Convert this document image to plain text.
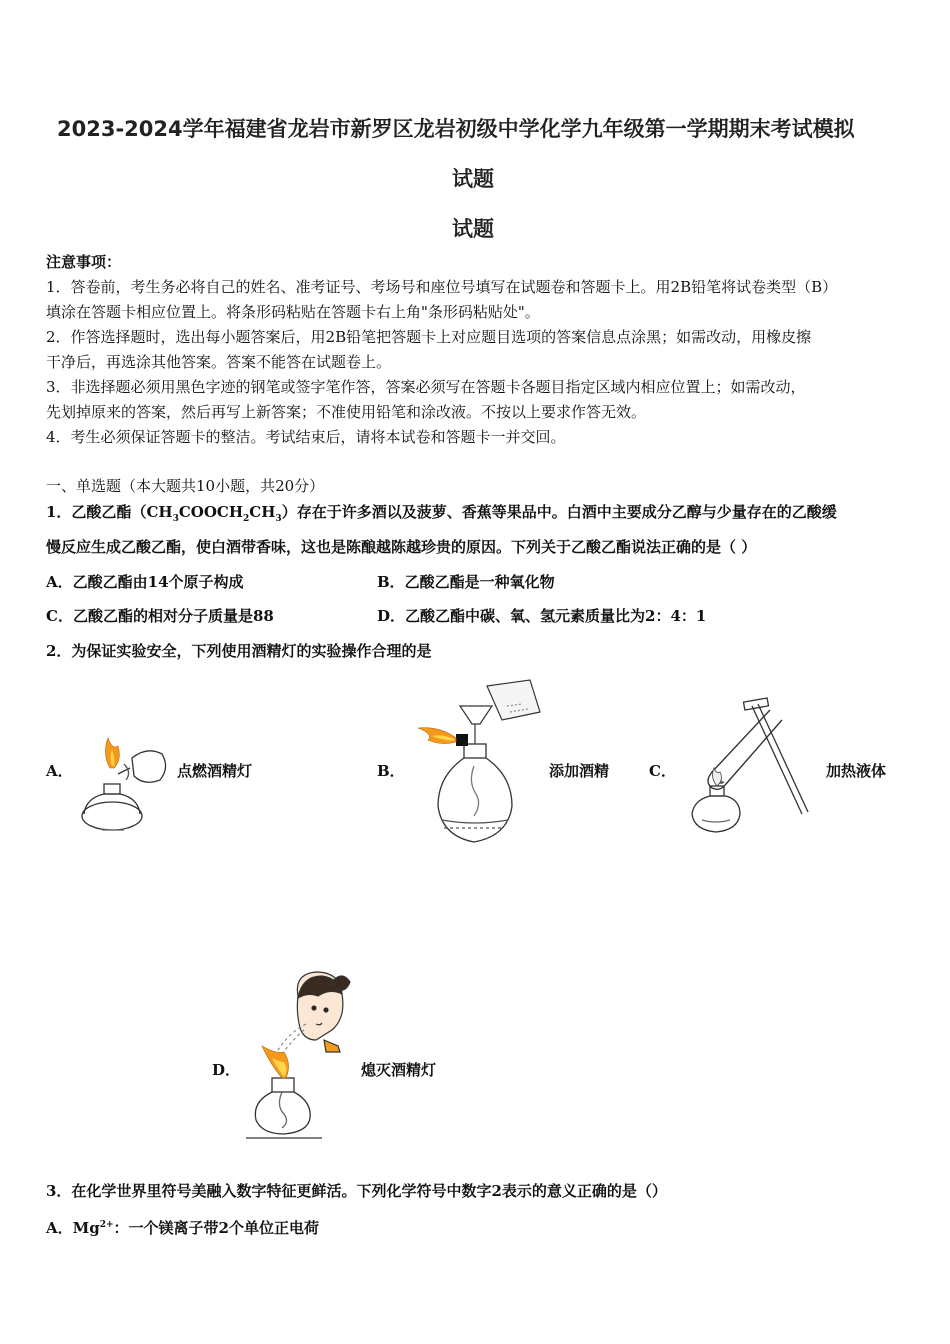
2023-2024学年福建省龙岩市新罗区龙岩初级中学化学九年级第一学期期末考试模拟
试题
试题
注意事项：
1．答卷前，考生务必将自己的姓名、准考证号、考场号和座位号填写在试题卷和答题卡上。用2B铅笔将试卷类型（B）
填涂在答题卡相应位置上。将条形码粘贴在答题卡右上角"条形码粘贴处"。
2．作答选择题时，选出每小题答案后，用2B铅笔把答题卡上对应题目选项的答案信息点涂黑；如需改动，用橡皮擦
干净后，再选涂其他答案。答案不能答在试题卷上。
3．非选择题必须用黑色字迹的钢笔或签字笔作答，答案必须写在答题卡各题目指定区域内相应位置上；如需改动，
先划掉原来的答案，然后再写上新答案；不准使用铅笔和涂改液。不按以上要求作答无效。
4．考生必须保证答题卡的整洁。考试结束后，请将本试卷和答题卡一并交回。
一、单选题（本大题共10小题，共20分）
1．乙酸乙酯$(CH_3COOCH_2CH_3)$存在于许多酒以及菠萝、香蕉等果品中。白酒中主要成分乙醇与少量存在的乙酸缓
慢反应生成乙酸乙酯，使白酒带香味，这也是陈酿越陈越珍贵的原因。下列关于乙酸乙酯说法正确的是（ ）
A．乙酸乙酯由14个原子构成	B．乙酸乙酯是一种氧化物
C．乙酸乙酯的相对分子质量是88	D．乙酸乙酯中碳、氧、氢元素质量比为2：4：1
2．为保证实验安全，下列使用酒精灯的实验操作合理的是
A．	点燃酒精灯	B．	添加酒精	C．	加热液体
D．	熄灭酒精灯
3．在化学世界里符号美融入数字特征更鲜活。下列化学符号中数字2表示的意义正确的是（）
A．$Mg^{2+}$：一个镁离子带2个单位正电荷
